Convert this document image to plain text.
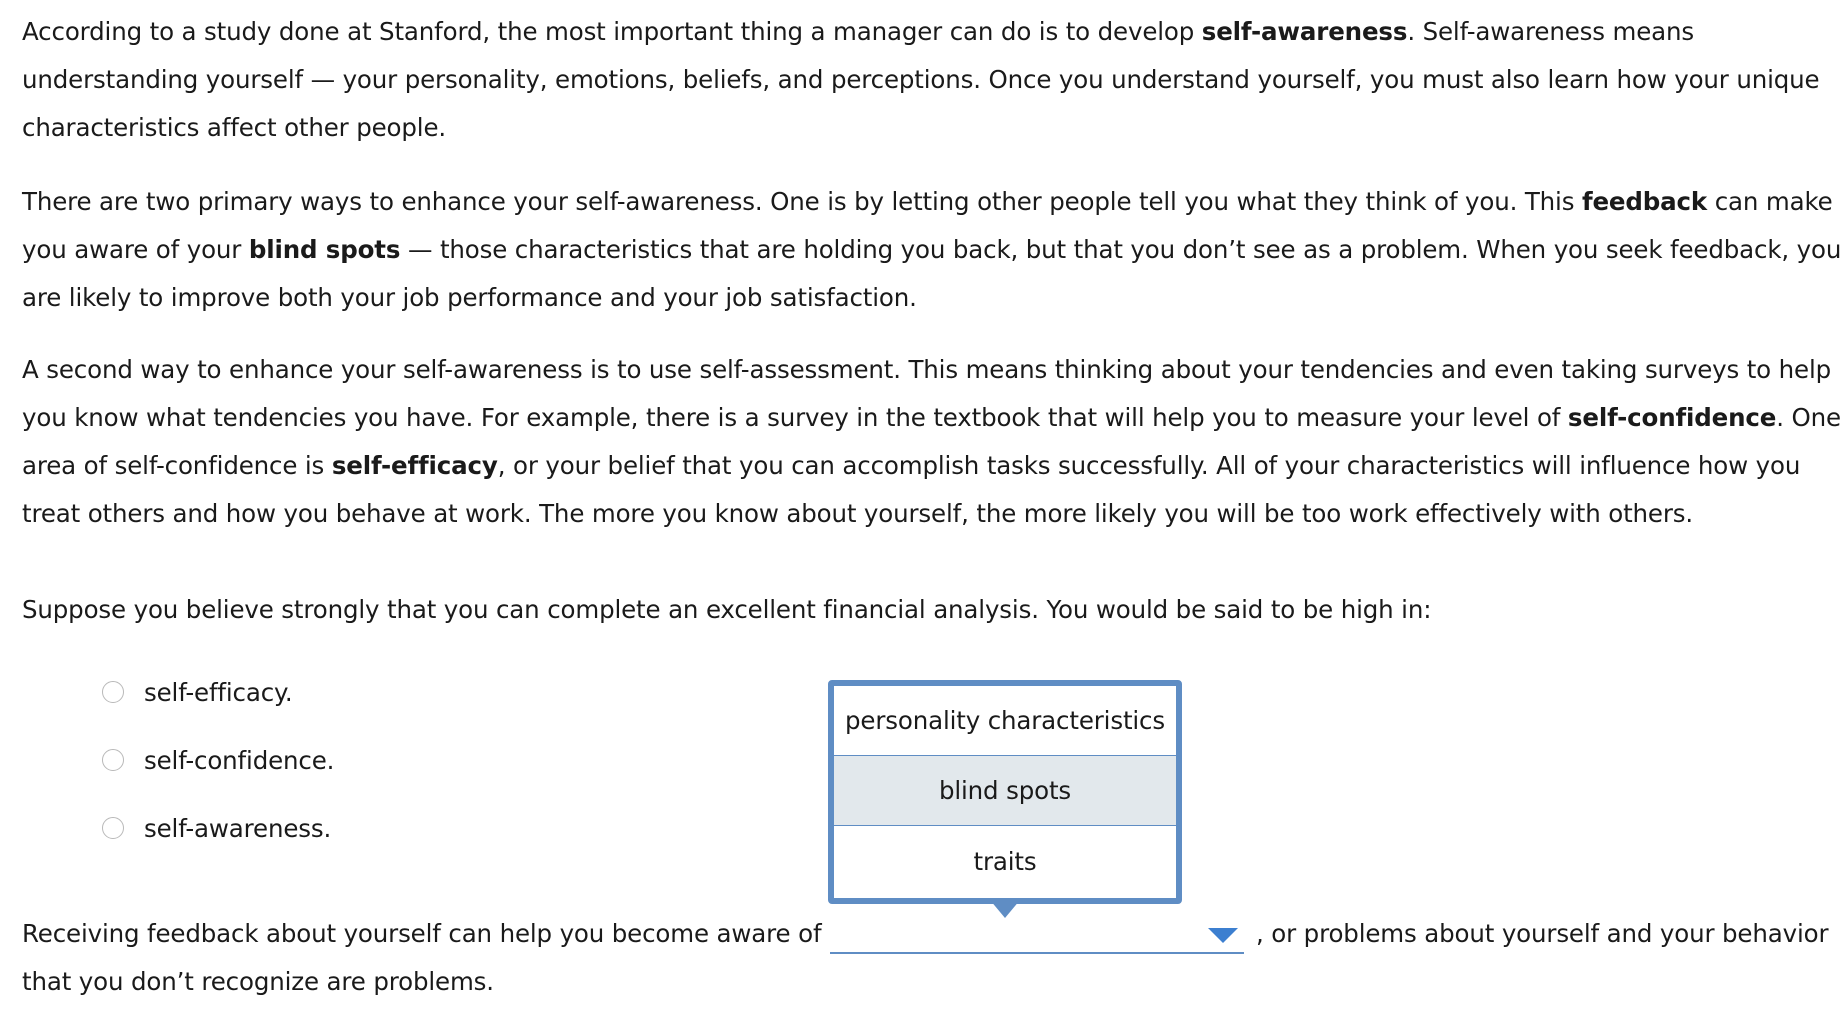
According to a study done at Stanford, the most important thing a manager can do is to develop self-awareness. Self-awareness means understanding yourself — your personality, emotions, beliefs, and perceptions. Once you understand yourself, you must also learn how your unique characteristics affect other people.

There are two primary ways to enhance your self-awareness. One is by letting other people tell you what they think of you. This feedback can make you aware of your blind spots — those characteristics that are holding you back, but that you don’t see as a problem. When you seek feedback, you are likely to improve both your job performance and your job satisfaction.

A second way to enhance your self-awareness is to use self-assessment. This means thinking about your tendencies and even taking surveys to help you know what tendencies you have. For example, there is a survey in the textbook that will help you to measure your level of self-confidence. One area of self-confidence is self-efficacy, or your belief that you can accomplish tasks successfully. All of your characteristics will influence how you treat others and how you behave at work. The more you know about yourself, the more likely you will be too work effectively with others.

Suppose you believe strongly that you can complete an excellent financial analysis. You would be said to be high in:

self-efficacy.
self-confidence.
self-awareness.
personality characteristics
blind spots
traits
Receiving feedback about yourself can help you become aware of	, or problems about yourself and your behavior
that you don’t recognize are problems.
